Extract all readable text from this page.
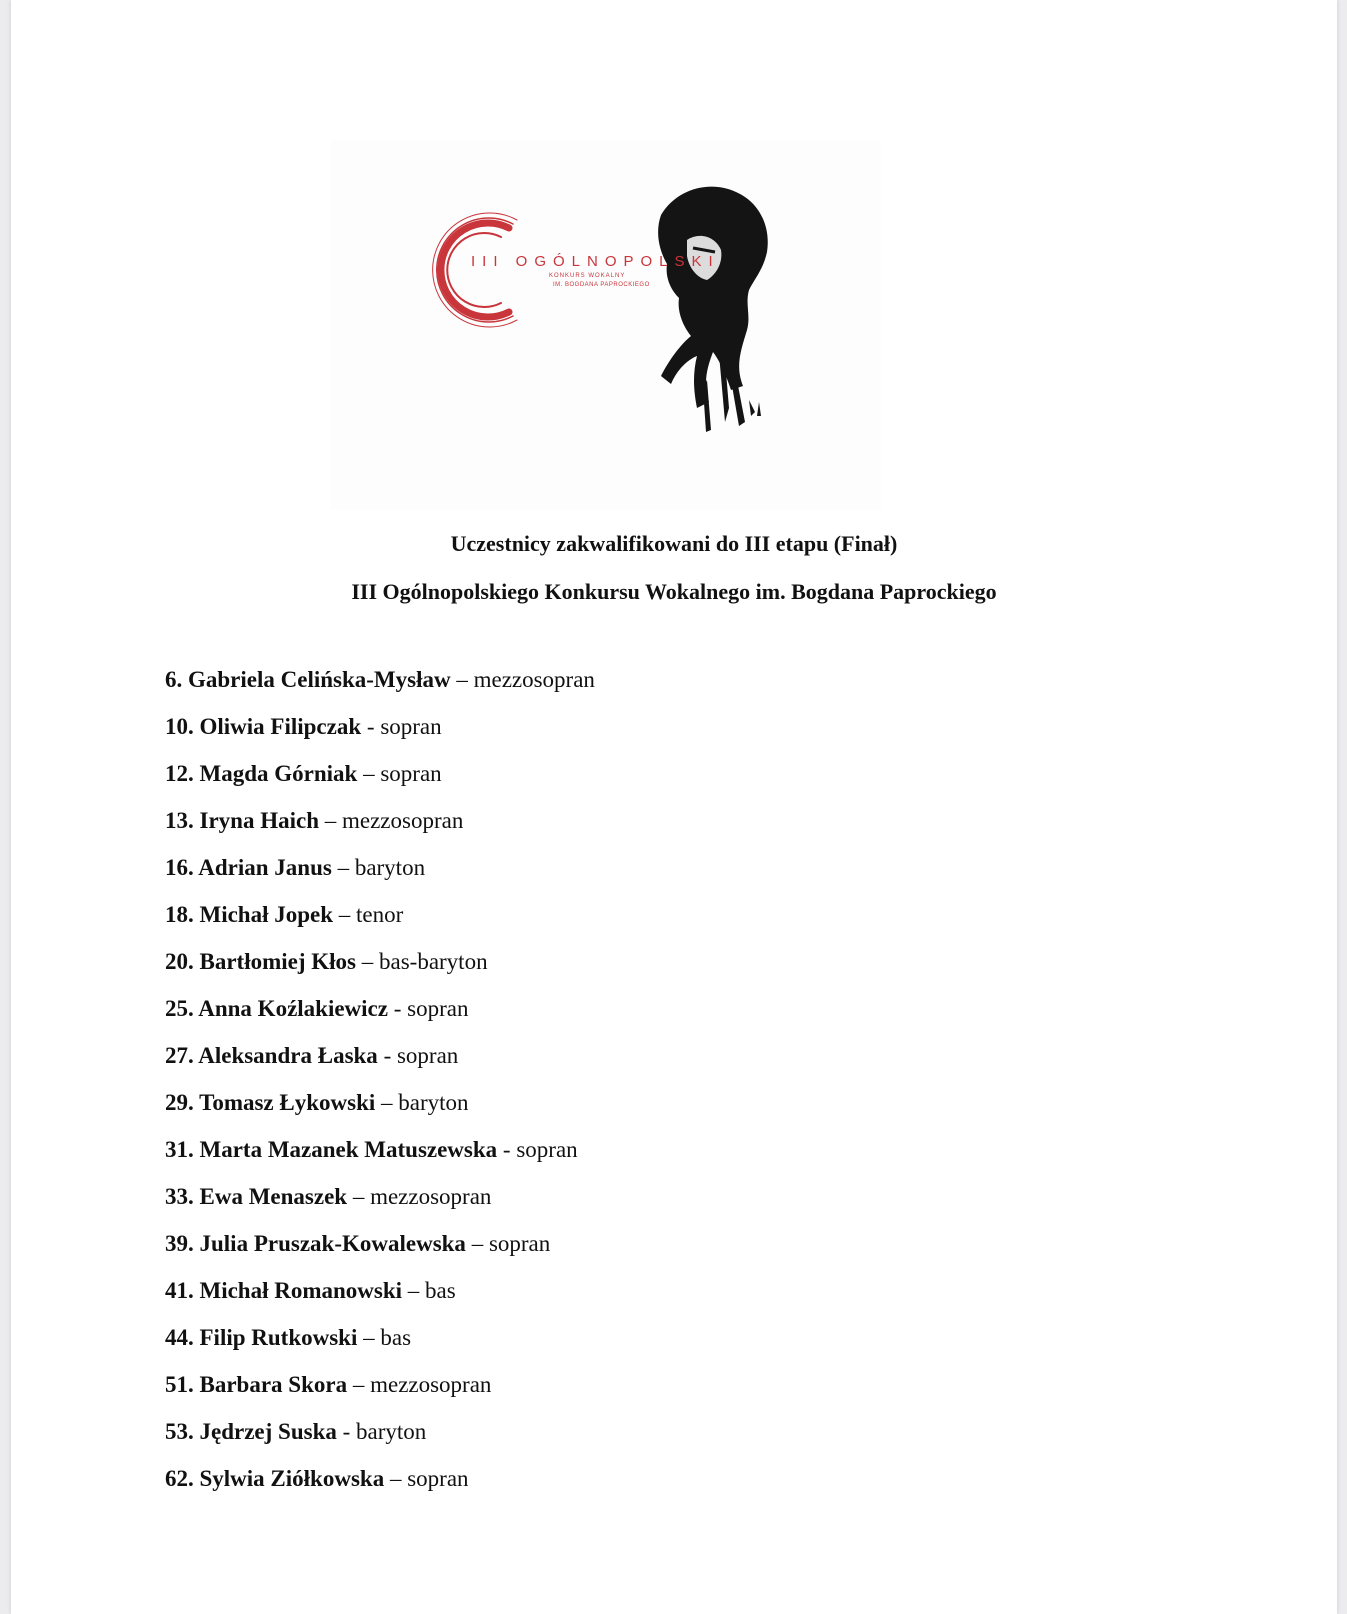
III OGÓLNOPOLSKI
KONKURS WOKALNY
IM. BOGDANA PAPROCKIEGO
Uczestnicy zakwalifikowani do III etapu (Finał)
III Ogólnopolskiego Konkursu Wokalnego im. Bogdana Paprockiego
6. Gabriela Celińska-Mysław – mezzosopran
10. Oliwia Filipczak - sopran
12. Magda Górniak – sopran
13. Iryna Haich – mezzosopran
16. Adrian Janus – baryton
18. Michał Jopek – tenor
20. Bartłomiej Kłos – bas-baryton
25. Anna Koźlakiewicz - sopran
27. Aleksandra Łaska - sopran
29. Tomasz Łykowski – baryton
31. Marta Mazanek Matuszewska - sopran
33. Ewa Menaszek – mezzosopran
39. Julia Pruszak-Kowalewska – sopran
41. Michał Romanowski – bas
44. Filip Rutkowski – bas
51. Barbara Skora – mezzosopran
53. Jędrzej Suska - baryton
62. Sylwia Ziółkowska – sopran
